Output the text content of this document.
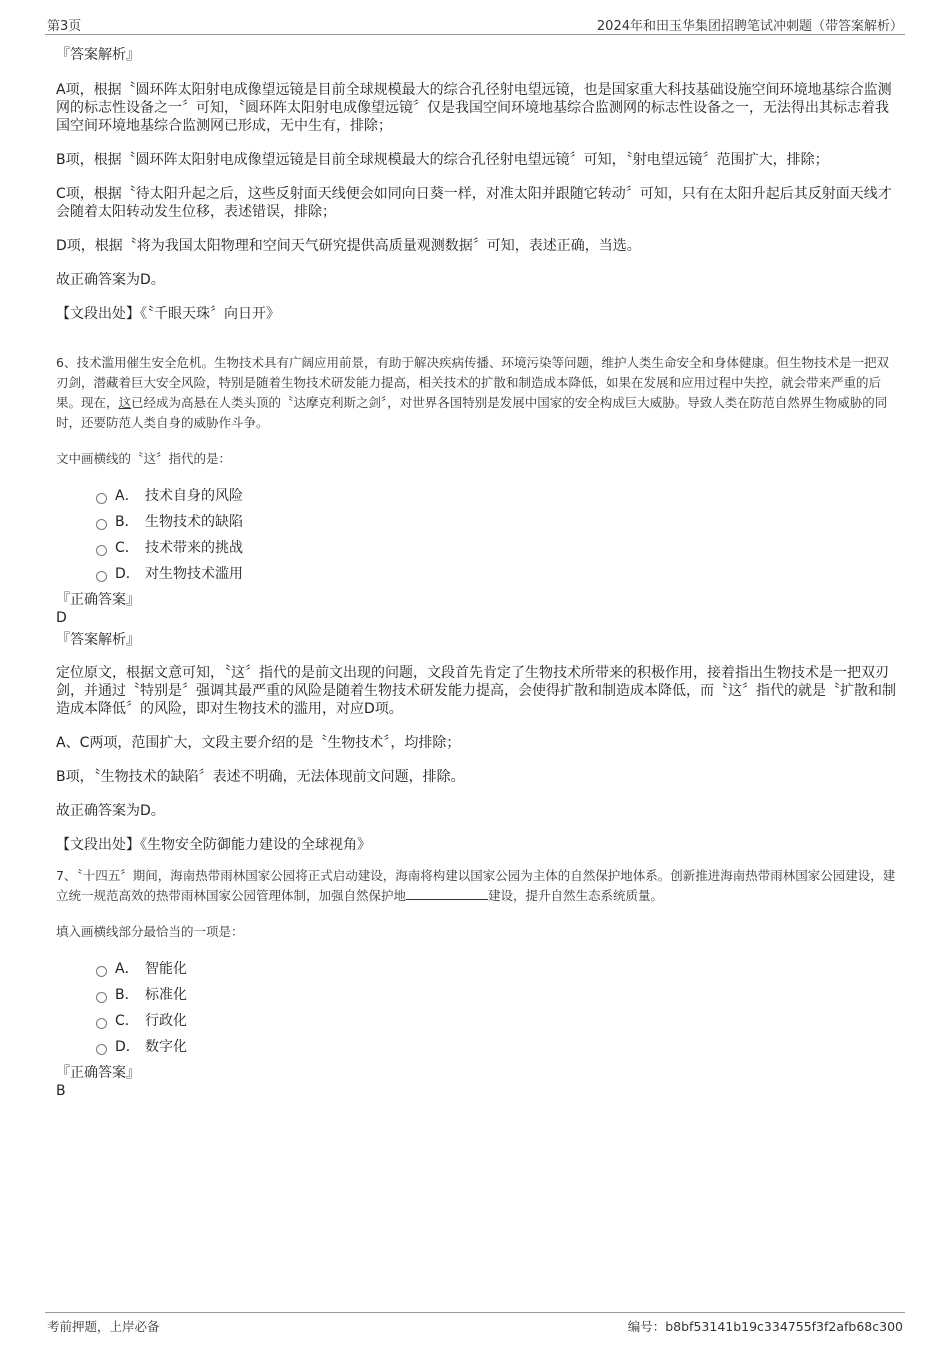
第3页	2024年和田玉华集团招聘笔试冲刺题（带答案解析）

『答案解析』

A项，根据〝圆环阵太阳射电成像望远镜是目前全球规模最大的综合孔径射电望远镜，也是国家重大科技基础设施空间环境地基综合监测网的标志性设备之一〞可知，〝圆环阵太阳射电成像望远镜〞仅是我国空间环境地基综合监测网的标志性设备之一，无法得出其标志着我国空间环境地基综合监测网已形成，无中生有，排除；

B项，根据〝圆环阵太阳射电成像望远镜是目前全球规模最大的综合孔径射电望远镜〞可知，〝射电望远镜〞范围扩大，排除；

C项，根据〝待太阳升起之后，这些反射面天线便会如同向日葵一样，对准太阳并跟随它转动〞可知，只有在太阳升起后其反射面天线才会随着太阳转动发生位移，表述错误，排除；

D项，根据〝将为我国太阳物理和空间天气研究提供高质量观测数据〞可知，表述正确，当选。

故正确答案为D。

【文段出处】《〝千眼天珠〞向日开》

6、技术滥用催生安全危机。生物技术具有广阔应用前景，有助于解决疾病传播、环境污染等问题，维护人类生命安全和身体健康。但生物技术是一把双刃剑，潜藏着巨大安全风险，特别是随着生物技术研发能力提高，相关技术的扩散和制造成本降低，如果在发展和应用过程中失控，就会带来严重的后果。现在，这已经成为高悬在人类头顶的〝达摩克利斯之剑〞，对世界各国特别是发展中国家的安全构成巨大威胁。导致人类在防范自然界生物威胁的同时，还要防范人类自身的威胁作斗争。

文中画横线的〝这〞指代的是：

A． 技术自身的风险
B． 生物技术的缺陷
C． 技术带来的挑战
D． 对生物技术滥用

『正确答案』

D

『答案解析』

定位原文，根据文意可知，〝这〞指代的是前文出现的问题，文段首先肯定了生物技术所带来的积极作用，接着指出生物技术是一把双刃剑，并通过〝特别是〞强调其最严重的风险是随着生物技术研发能力提高，会使得扩散和制造成本降低，而〝这〞指代的就是〝扩散和制造成本降低〞的风险，即对生物技术的滥用，对应D项。

A、C两项，范围扩大，文段主要介绍的是〝生物技术〞，均排除；

B项，〝生物技术的缺陷〞表述不明确，无法体现前文问题，排除。

故正确答案为D。

【文段出处】《生物安全防御能力建设的全球视角》

7、〝十四五〞期间，海南热带雨林国家公园将正式启动建设，海南将构建以国家公园为主体的自然保护地体系。创新推进海南热带雨林国家公园建设，建立统一规范高效的热带雨林国家公园管理体制，加强自然保护地	建设，提升自然生态系统质量。

填入画横线部分最恰当的一项是：

A． 智能化
B． 标准化
C． 行政化
D． 数字化

『正确答案』

B

考前押题，上岸必备	编号：b8bf53141b19c334755f3f2afb68c300
